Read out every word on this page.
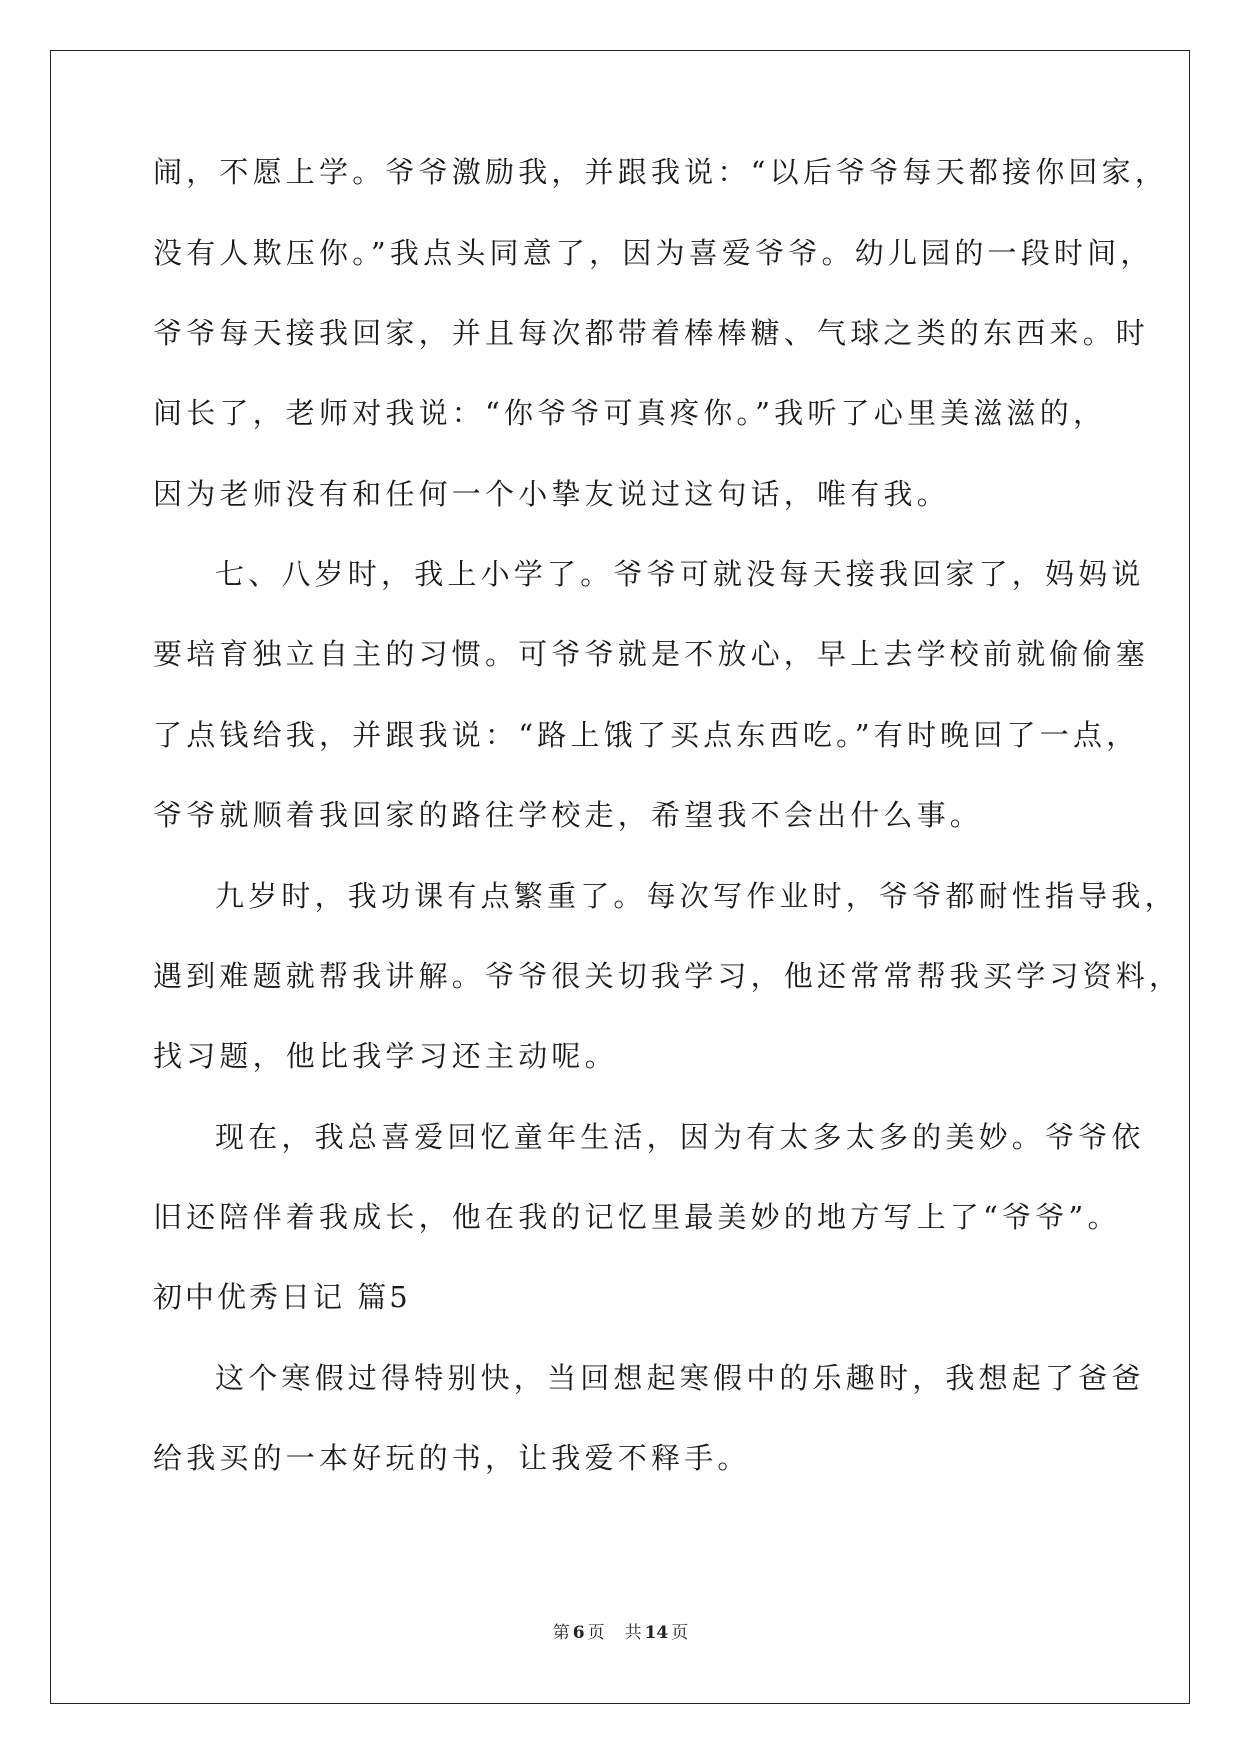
闹，不愿上学。爷爷激励我，并跟我说：“以后爷爷每天都接你回家，
没有人欺压你。”我点头同意了，因为喜爱爷爷。幼儿园的一段时间，
爷爷每天接我回家，并且每次都带着棒棒糖、气球之类的东西来。时
间长了，老师对我说：“你爷爷可真疼你。”我听了心里美滋滋的，
因为老师没有和任何一个小挚友说过这句话，唯有我。
七、八岁时，我上小学了。爷爷可就没每天接我回家了，妈妈说
要培育独立自主的习惯。可爷爷就是不放心，早上去学校前就偷偷塞
了点钱给我，并跟我说：“路上饿了买点东西吃。”有时晚回了一点，
爷爷就顺着我回家的路往学校走，希望我不会出什么事。
九岁时，我功课有点繁重了。每次写作业时，爷爷都耐性指导我，
遇到难题就帮我讲解。爷爷很关切我学习，他还常常帮我买学习资料，
找习题，他比我学习还主动呢。
现在，我总喜爱回忆童年生活，因为有太多太多的美妙。爷爷依
旧还陪伴着我成长，他在我的记忆里最美妙的地方写上了“爷爷”。
初中优秀日记 篇5
这个寒假过得特别快，当回想起寒假中的乐趣时，我想起了爸爸
给我买的一本好玩的书，让我爱不释手。
第 6 页 共 14 页
